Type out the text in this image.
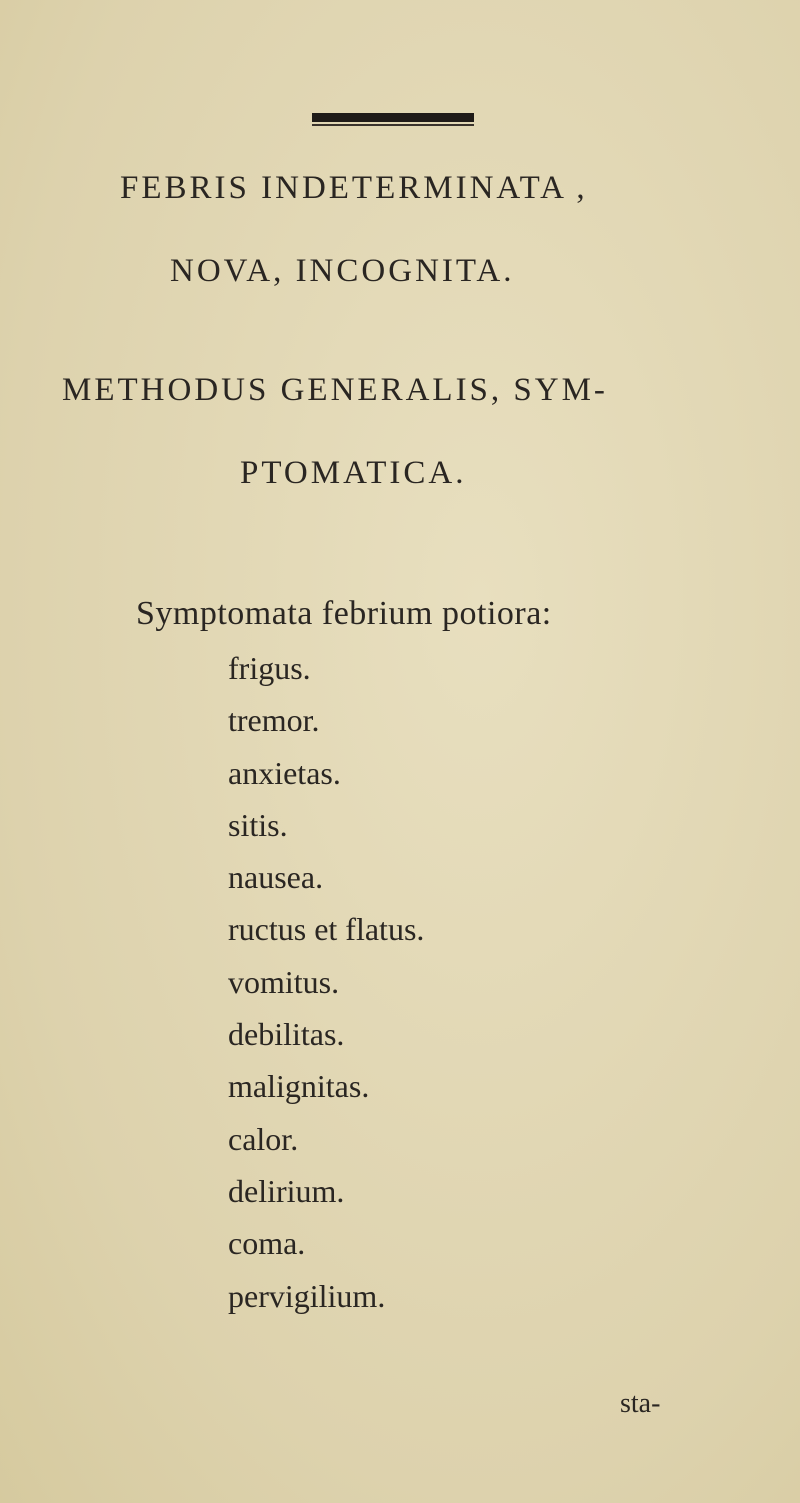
FEBRIS INDETERMINATA ,
NOVA, INCOGNITA.
METHODUS GENERALIS, SYM-
PTOMATICA.

Symptomata febrium potiora:

frigus.
tremor.
anxietas.
sitis.
nausea.
ructus et flatus.
vomitus.
debilitas.
malignitas.
calor.
delirium.
coma.
pervigilium.
sta-
